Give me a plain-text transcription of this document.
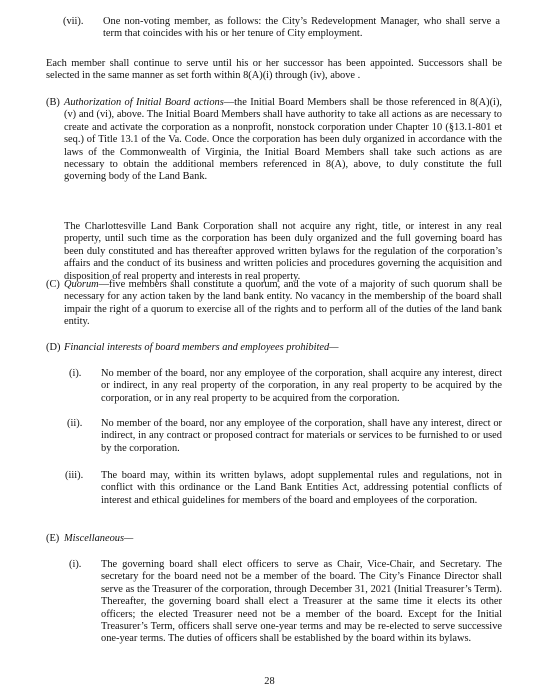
(vii). One non-voting member, as follows: the City’s Redevelopment Manager, who shall serve a term that coincides with his or her tenure of City employment.

Each member shall continue to serve until his or her successor has been appointed. Successors shall be selected in the same manner as set forth within 8(A)(i) through (iv), above .

(B) Authorization of Initial Board actions—the Initial Board Members shall be those referenced in 8(A)(i), (v) and (vi), above. The Initial Board Members shall have authority to take all actions as are necessary to create and activate the corporation as a nonprofit, nonstock corporation under Chapter 10 (§13.1-801 et seq.) of Title 13.1 of the Va. Code. Once the corporation has been duly organized in accordance with the laws of the Commonwealth of Virginia, the Initial Board Members shall take such actions as are necessary to obtain the additional members referenced in 8(A), above, to duly constitute the full governing body of the Land Bank.

The Charlottesville Land Bank Corporation shall not acquire any right, title, or interest in any real property, until such time as the corporation has been duly organized and the full governing board has been duly constituted and has thereafter approved written bylaws for the regulation of the corporation’s affairs and the conduct of its business and written policies and procedures governing the acquisition and disposition of real property and interests in real property.

(C) Quorum—five members shall constitute a quorum, and the vote of a majority of such quorum shall be necessary for any action taken by the land bank entity. No vacancy in the membership of the board shall impair the right of a quorum to exercise all of the rights and to perform all of the duties of the land bank entity.

(D) Financial interests of board members and employees prohibited—

(i). No member of the board, nor any employee of the corporation, shall acquire any interest, direct or indirect, in any real property of the corporation, in any real property to be acquired by the corporation, or in any real property to be acquired from the corporation.

(ii). No member of the board, nor any employee of the corporation, shall have any interest, direct or indirect, in any contract or proposed contract for materials or services to be furnished to or used by the corporation.

(iii). The board may, within its written bylaws, adopt supplemental rules and regulations, not in conflict with this ordinance or the Land Bank Entities Act, addressing potential conflicts of interest and ethical guidelines for members of the board and employees of the corporation.

(E) Miscellaneous—

(i). The governing board shall elect officers to serve as Chair, Vice-Chair, and Secretary. The secretary for the board need not be a member of the board. The City’s Finance Director shall serve as the Treasurer of the corporation, through December 31, 2021 (Initial Treasurer’s Term). Thereafter, the governing board shall elect a Treasurer at the same time it elects its other officers; the elected Treasurer need not be a member of the board. Except for the Initial Treasurer’s Term, officers shall serve one-year terms and may be re-elected to serve successive one-year terms. The duties of officers shall be established by the board within its bylaws.

28
